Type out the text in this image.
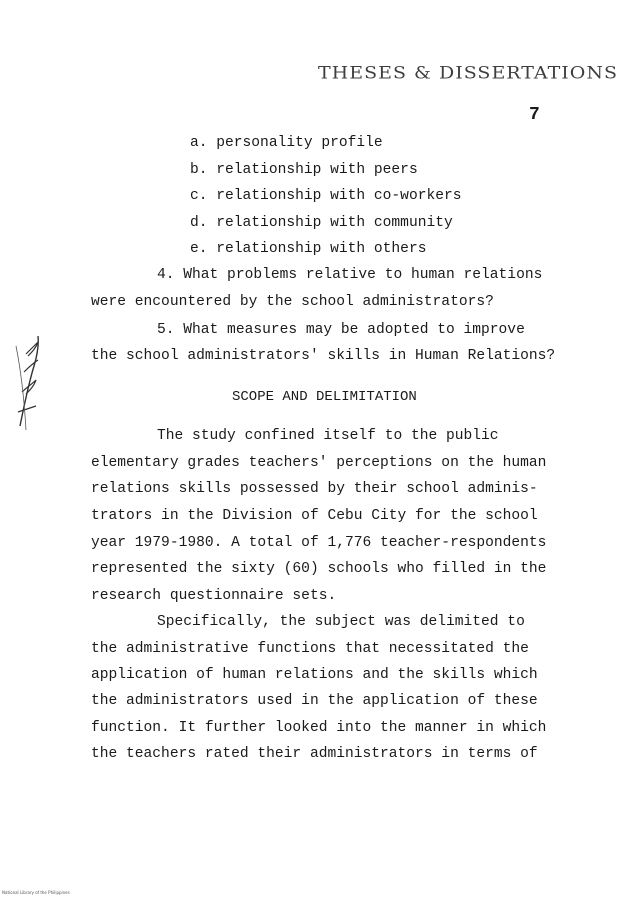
THESES & DISSERTATIONS
7
a. personality profile
b. relationship with peers
c. relationship with co-workers
d. relationship with community
e. relationship with others
4. What problems relative to human relations
were encountered by the school administrators?
5. What measures may be adopted to improve
the school administrators' skills in Human Relations?
SCOPE AND DELIMITATION
The study confined itself to the public
elementary grades teachers' perceptions on the human
relations skills possessed by their school adminis-
trators in the Division of Cebu City for the school
year 1979-1980. A total of 1,776 teacher-respondents
represented the sixty (60) schools who filled in the
research questionnaire sets.
Specifically, the subject was delimited to
the administrative functions that necessitated the
application of human relations and the skills which
the administrators used in the application of these
function. It further looked into the manner in which
the teachers rated their administrators in terms of
National Library of the Philippines
